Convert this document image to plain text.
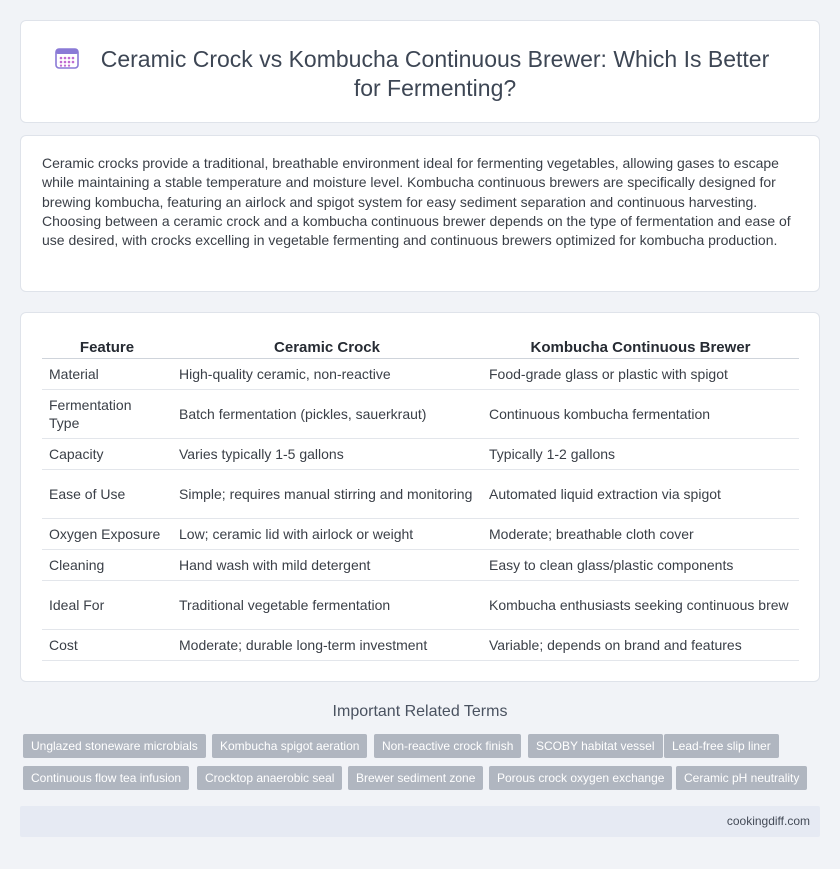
Ceramic Crock vs Kombucha Continuous Brewer: Which Is Better for Fermenting?

Ceramic crocks provide a traditional, breathable environment ideal for fermenting vegetables, allowing gases to escape while maintaining a stable temperature and moisture level. Kombucha continuous brewers are specifically designed for brewing kombucha, featuring an airlock and spigot system for easy sediment separation and continuous harvesting. Choosing between a ceramic crock and a kombucha continuous brewer depends on the type of fermentation and ease of use desired, with crocks excelling in vegetable fermenting and continuous brewers optimized for kombucha production.

Feature	Ceramic Crock	Kombucha Continuous Brewer
Material	High-quality ceramic, non-reactive	Food-grade glass or plastic with spigot
Fermentation Type	Batch fermentation (pickles, sauerkraut)	Continuous kombucha fermentation
Capacity	Varies typically 1-5 gallons	Typically 1-2 gallons
Ease of Use	Simple; requires manual stirring and monitoring	Automated liquid extraction via spigot
Oxygen Exposure	Low; ceramic lid with airlock or weight	Moderate; breathable cloth cover
Cleaning	Hand wash with mild detergent	Easy to clean glass/plastic components
Ideal For	Traditional vegetable fermentation	Kombucha enthusiasts seeking continuous brew
Cost	Moderate; durable long-term investment	Variable; depends on brand and features
Important Related Terms
Unglazed stoneware microbials	Kombucha spigot aeration	Non-reactive crock finish	SCOBY habitat vessel	Lead-free slip liner
Continuous flow tea infusion	Crocktop anaerobic seal	Brewer sediment zone	Porous crock oxygen exchange	Ceramic pH neutrality
cookingdiff.com
